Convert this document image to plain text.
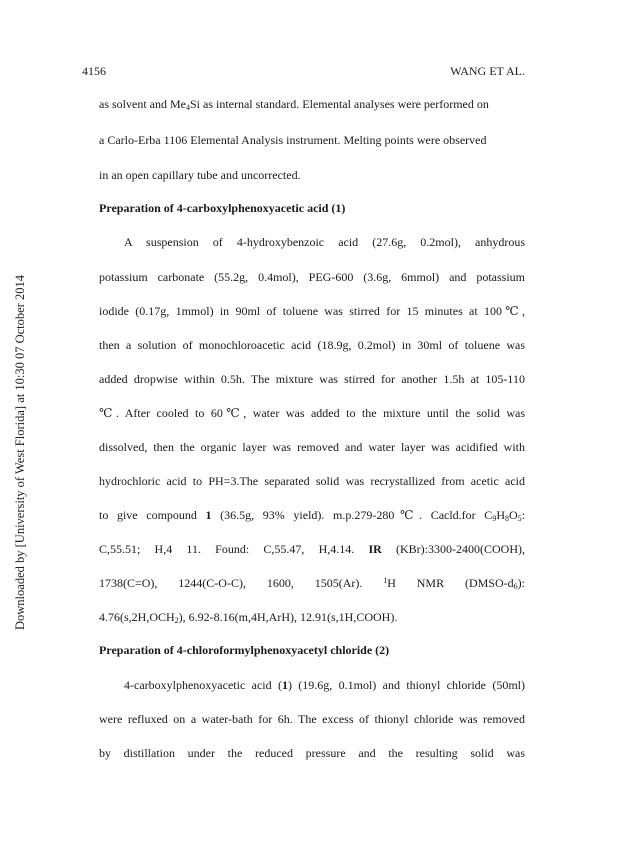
Downloaded by [University of West Florida] at 10:30 07 October 2014
4156	WANG ET AL.
as solvent and $Me_4Si$ as internal standard. Elemental analyses were performed on
a Carlo-Erba 1106 Elemental Analysis instrument. Melting points were observed
in an open capillary tube and uncorrected.
Preparation of 4-carboxylphenoxyacetic acid (1)
A suspension of 4-hydroxybenzoic acid (27.6g, 0.2mol), anhydrous
potassium carbonate (55.2g, 0.4mol), PEG-600 (3.6g, 6mmol) and potassium
iodide (0.17g, 1mmol) in 90ml of toluene was stirred for 15 minutes at 100℃,
then a solution of monochloroacetic acid (18.9g, 0.2mol) in 30ml of toluene was
added dropwise within 0.5h. The mixture was stirred for another 1.5h at 105-110
℃. After cooled to 60℃, water was added to the mixture until the solid was
dissolved, then the organic layer was removed and water layer was acidified with
hydrochloric acid to PH=3.The separated solid was recrystallized from acetic acid
to give compound 1 (36.5g, 93% yield). m.p.279-280℃. Cacld.for $C_9H_8O_5$:
C,55.51; H,4 11. Found: C,55.47, H,4.14. IR (KBr):3300-2400(COOH),
1738(C=O), 1244(C-O-C), 1600, 1505(Ar). $^1$H NMR $(DMSO-d_6)$:
$4.76(s,2H,OCH_2)$, 6.92-8.16(m,4H,ArH), 12.91(s,1H,COOH).
Preparation of 4-chloroformylphenoxyacetyl chloride (2)
4-carboxylphenoxyacetic acid (1) (19.6g, 0.1mol) and thionyl chloride (50ml)
were refluxed on a water-bath for 6h. The excess of thionyl chloride was removed
by distillation under the reduced pressure and the resulting solid was
